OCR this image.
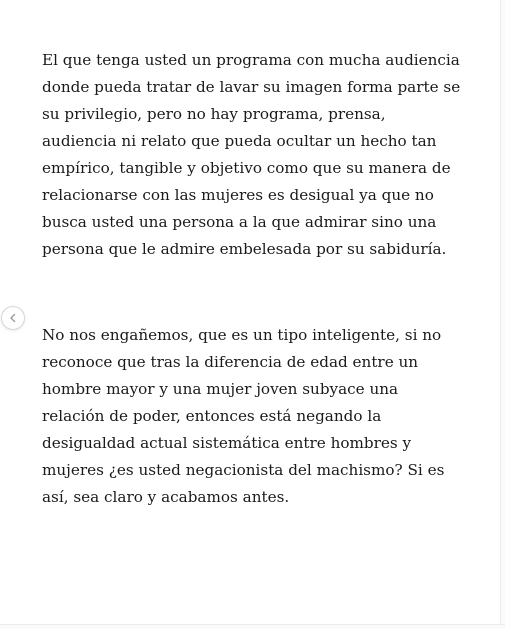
El que tenga usted un programa con mucha audiencia donde pueda tratar de lavar su imagen forma parte se su privilegio, pero no hay programa, prensa, audiencia ni relato que pueda ocultar un hecho tan empírico, tangible y objetivo como que su manera de relacionarse con las mujeres es desigual ya que no busca usted una persona a la que admirar sino una persona que le admire embelesada por su sabiduría.

No nos engañemos, que es un tipo inteligente, si no reconoce que tras la diferencia de edad entre un hombre mayor y una mujer joven subyace una relación de poder, entonces está negando la desigualdad actual sistemática entre hombres y mujeres ¿es usted negacionista del machismo? Si es así, sea claro y acabamos antes.
